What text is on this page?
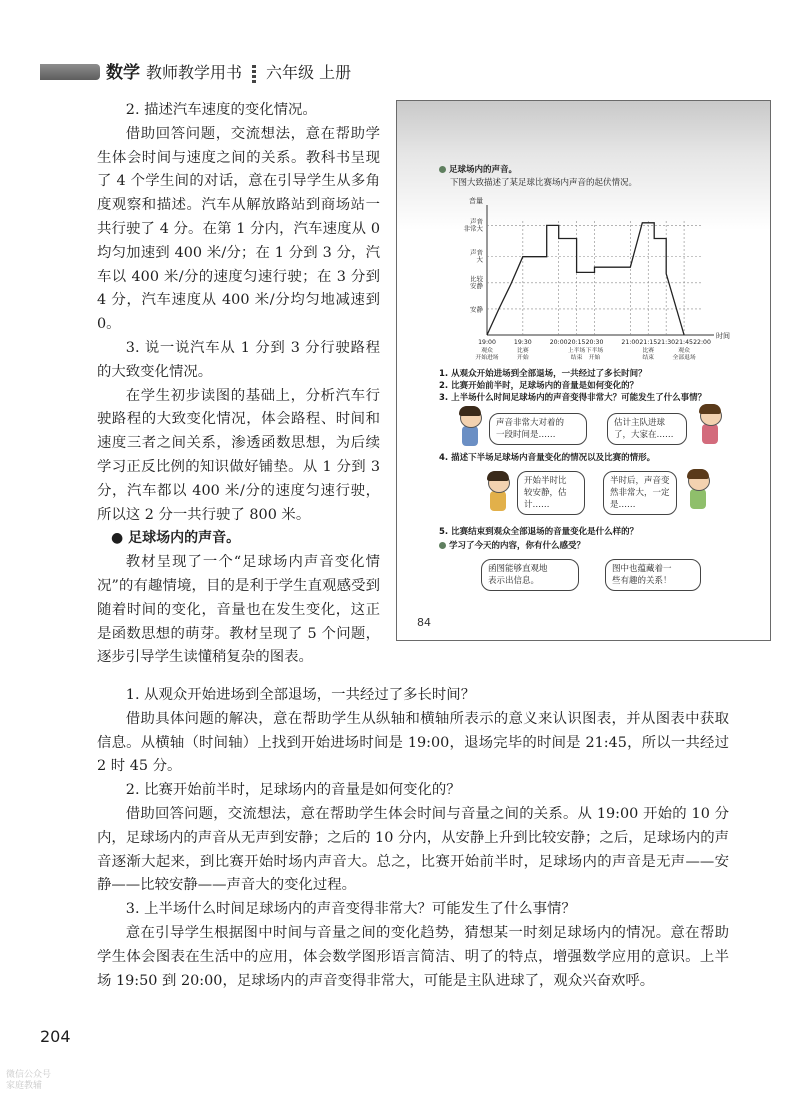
数学 教师教学用书 六年级 上册

2. 描述汽车速度的变化情况。

借助回答问题，交流想法，意在帮助学生体会时间与速度之间的关系。教科书呈现了 4 个学生间的对话，意在引导学生从多角度观察和描述。汽车从解放路站到商场站一共行驶了 4 分。在第 1 分内，汽车速度从 0 均匀加速到 400 米/分；在 1 分到 3 分，汽车以 400 米/分的速度匀速行驶；在 3 分到 4 分，汽车速度从 400 米/分均匀地减速到 0。

3. 说一说汽车从 1 分到 3 分行驶路程的大致变化情况。

在学生初步读图的基础上，分析汽车行驶路程的大致变化情况，体会路程、时间和速度三者之间关系，渗透函数思想，为后续学习正反比例的知识做好铺垫。从 1 分到 3 分，汽车都以 400 米/分的速度匀速行驶，所以这 2 分一共行驶了 800 米。

● 足球场内的声音。

教材呈现了一个“足球场内声音变化情况”的有趣情境，目的是利于学生直观感受到随着时间的变化，音量也在发生变化，这正是函数思想的萌芽。教材呈现了 5 个问题，逐步引导学生读懂稍复杂的图表。

1. 从观众开始进场到全部退场，一共经过了多长时间？

借助具体问题的解决，意在帮助学生从纵轴和横轴所表示的意义来认识图表，并从图表中获取信息。从横轴（时间轴）上找到开始进场时间是 19:00，退场完毕的时间是 21:45，所以一共经过 2 时 45 分。

2. 比赛开始前半时，足球场内的音量是如何变化的？

借助回答问题，交流想法，意在帮助学生体会时间与音量之间的关系。从 19:00 开始的 10 分内，足球场内的声音从无声到安静；之后的 10 分内，从安静上升到比较安静；之后，足球场内的声音逐渐大起来，到比赛开始时场内声音大。总之，比赛开始前半时，足球场内的声音是无声——安静——比较安静——声音大的变化过程。

3. 上半场什么时间足球场内的声音变得非常大？可能发生了什么事情？

意在引导学生根据图中时间与音量之间的变化趋势，猜想某一时刻足球场内的情况。意在帮助学生体会图表在生活中的应用，体会数学图形语言简洁、明了的特点，增强数学应用的意识。上半场 19:50 到 20:00，足球场内的声音变得非常大，可能是主队进球了，观众兴奋欢呼。

204
微信公众号
家庭教辅
足球场内的声音。
下图大致描述了某足球比赛场内声音的起伏情况。
音量
时间
安静
比较安静
声音大
声音非常大
19:00
观众开始进场
19:30
比赛开始
20:00 20:15
上半场结束
20:30
下半场开始
21:00 21:15
比赛结束
21:30 21:45
观众全部退场
22:00
1. 从观众开始进场到全部退场，一共经过了多长时间？
2. 比赛开始前半时，足球场内的音量是如何变化的？
3. 上半场什么时间足球场内的声音变得非常大？可能发生了什么事情？
声音非常大对着的
一段时间是……
估计主队进球
了，大家在……
4. 描述下半场足球场内音量变化的情况以及比赛的情形。
开始半时比
较安静，估
计……
半时后，声音变
然非常大，一定
是……
5. 比赛结束到观众全部退场的音量变化是什么样的？
学习了今天的内容，你有什么感受？
函图能够直观地
表示出信息。
图中也蕴藏着一
些有趣的关系！
84
